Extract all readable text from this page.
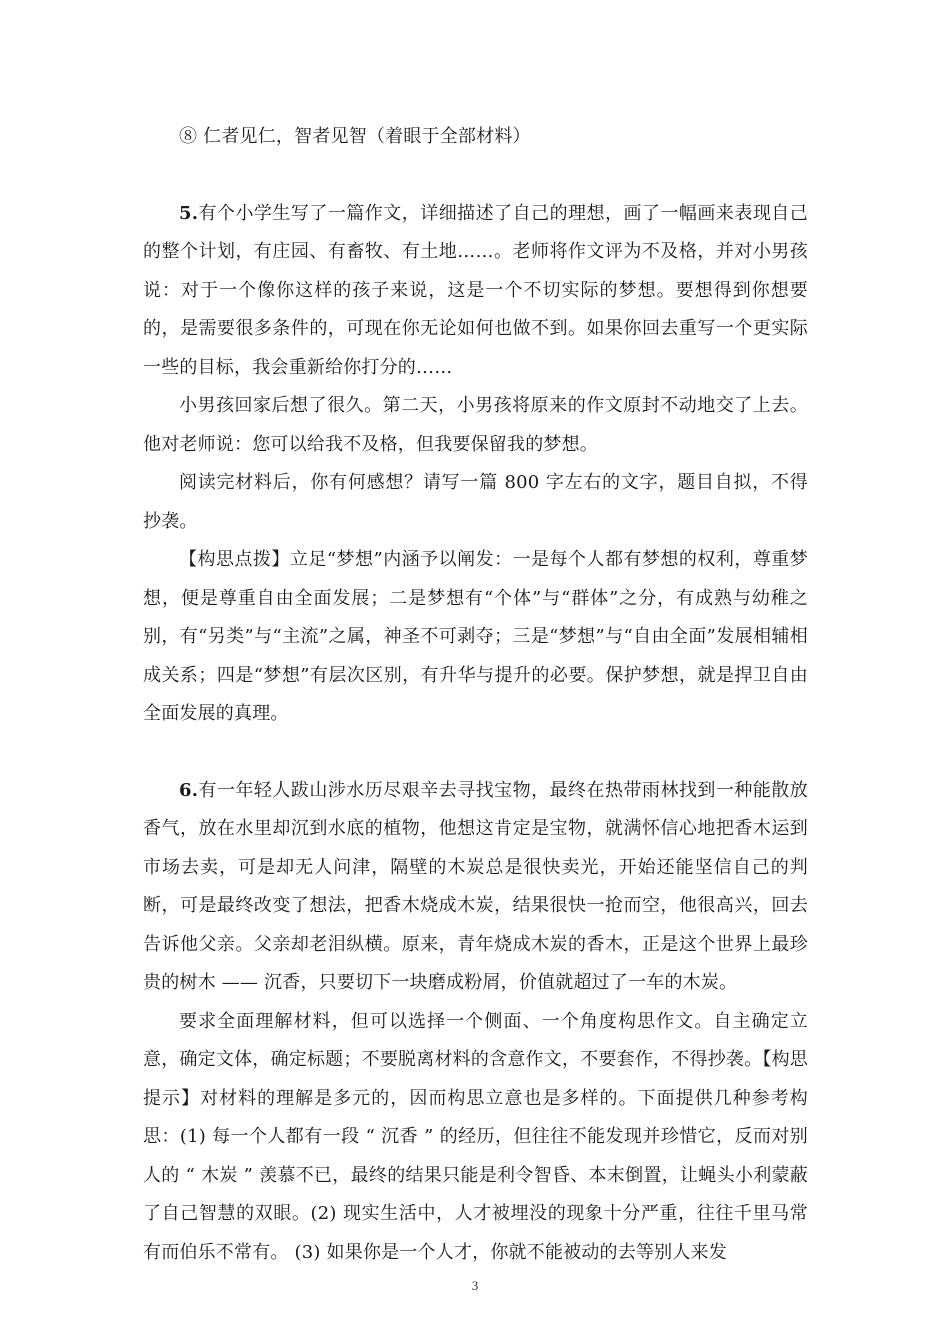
⑧ 仁者见仁，智者见智（着眼于全部材料）

5.有个小学生写了一篇作文，详细描述了自己的理想，画了一幅画来表现自己的整个计划，有庄园、有畜牧、有土地……。老师将作文评为不及格，并对小男孩说：对于一个像你这样的孩子来说，这是一个不切实际的梦想。要想得到你想要的，是需要很多条件的，可现在你无论如何也做不到。如果你回去重写一个更实际一些的目标，我会重新给你打分的……

小男孩回家后想了很久。第二天，小男孩将原来的作文原封不动地交了上去。他对老师说：您可以给我不及格，但我要保留我的梦想。

阅读完材料后，你有何感想？请写一篇 800 字左右的文字，题目自拟，不得抄袭。

【构思点拨】立足“梦想”内涵予以阐发：一是每个人都有梦想的权利，尊重梦想，便是尊重自由全面发展；二是梦想有“个体”与“群体”之分，有成熟与幼稚之别，有“另类”与“主流”之属，神圣不可剥夺；三是“梦想”与“自由全面”发展相辅相成关系；四是“梦想”有层次区别，有升华与提升的必要。保护梦想，就是捍卫自由全面发展的真理。

6.有一年轻人跋山涉水历尽艰辛去寻找宝物，最终在热带雨林找到一种能散放香气，放在水里却沉到水底的植物，他想这肯定是宝物，就满怀信心地把香木运到市场去卖，可是却无人问津，隔壁的木炭总是很快卖光，开始还能坚信自己的判断，可是最终改变了想法，把香木烧成木炭，结果很快一抢而空，他很高兴，回去告诉他父亲。父亲却老泪纵横。原来，青年烧成木炭的香木，正是这个世界上最珍贵的树木 —— 沉香，只要切下一块磨成粉屑，价值就超过了一车的木炭。

要求全面理解材料，但可以选择一个侧面、一个角度构思作文。自主确定立意，确定文体，确定标题；不要脱离材料的含意作文，不要套作，不得抄袭。【构思提示】对材料的理解是多元的，因而构思立意也是多样的。下面提供几种参考构思：(1) 每一个人都有一段 “ 沉香 ” 的经历，但往往不能发现并珍惜它，反而对别人的 “ 木炭 ” 羡慕不已，最终的结果只能是利令智昏、本末倒置，让蝇头小利蒙蔽了自己智慧的双眼。(2) 现实生活中，人才被埋没的现象十分严重，往往千里马常有而伯乐不常有。 (3) 如果你是一个人才，你就不能被动的去等别人来发

3
